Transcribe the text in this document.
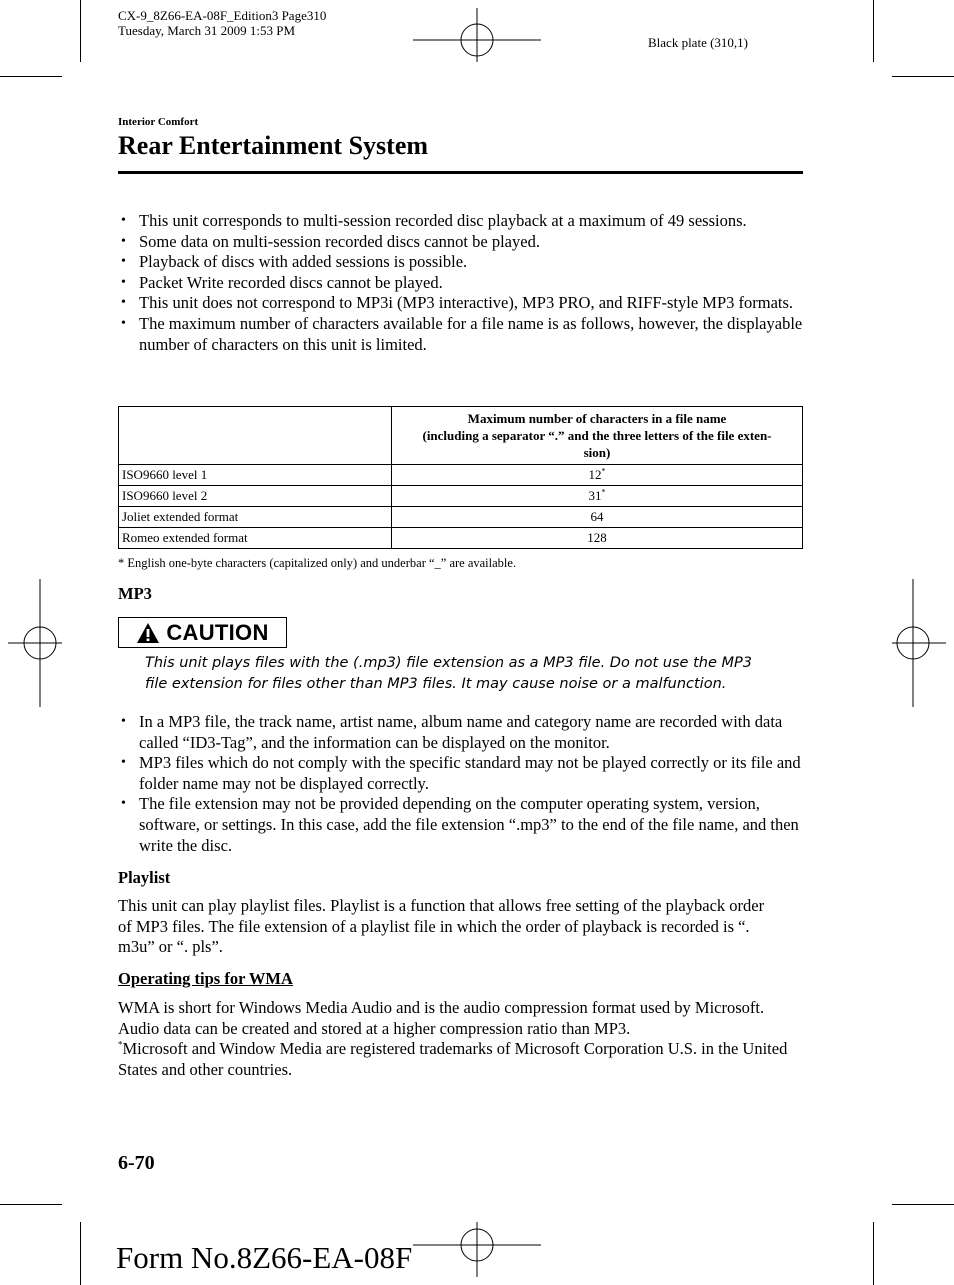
CX-9_8Z66-EA-08F_Edition3 Page310
Tuesday, March 31 2009 1:53 PM
Black plate (310,1)
Interior Comfort
Rear Entertainment System
• This unit corresponds to multi-session recorded disc playback at a maximum of 49 sessions.
• Some data on multi-session recorded discs cannot be played.
• Playback of discs with added sessions is possible.
• Packet Write recorded discs cannot be played.
• This unit does not correspond to MP3i (MP3 interactive), MP3 PRO, and RIFF-style MP3 formats.
• The maximum number of characters available for a file name is as follows, however, the displayable number of characters on this unit is limited.

	Maximum number of characters in a file name
(including a separator “.” and the three letters of the file exten-
sion)

ISO9660 level 1	12*
ISO9660 level 2	31*
Joliet extended format	64
Romeo extended format	128
* English one-byte characters (capitalized only) and underbar “_” are available.
MP3
CAUTION
This unit plays files with the (.mp3) file extension as a MP3 file. Do not use the MP3
file extension for files other than MP3 files. It may cause noise or a malfunction.
• In a MP3 file, the track name, artist name, album name and category name are recorded with data called “ID3-Tag”, and the information can be displayed on the monitor.
• MP3 files which do not comply with the specific standard may not be played correctly or its file and folder name may not be displayed correctly.
• The file extension may not be provided depending on the computer operating system, version, software, or settings. In this case, add the file extension “.mp3” to the end of the file name, and then write the disc.
Playlist
This unit can play playlist files. Playlist is a function that allows free setting of the playback order of MP3 files. The file extension of a playlist file in which the order of playback is recorded is “. m3u” or “. pls”.
Operating tips for WMA
WMA is short for Windows Media Audio and is the audio compression format used by Microsoft.
Audio data can be created and stored at a higher compression ratio than MP3.
*Microsoft and Window Media are registered trademarks of Microsoft Corporation U.S. in the United States and other countries.
6-70
Form No.8Z66-EA-08F
